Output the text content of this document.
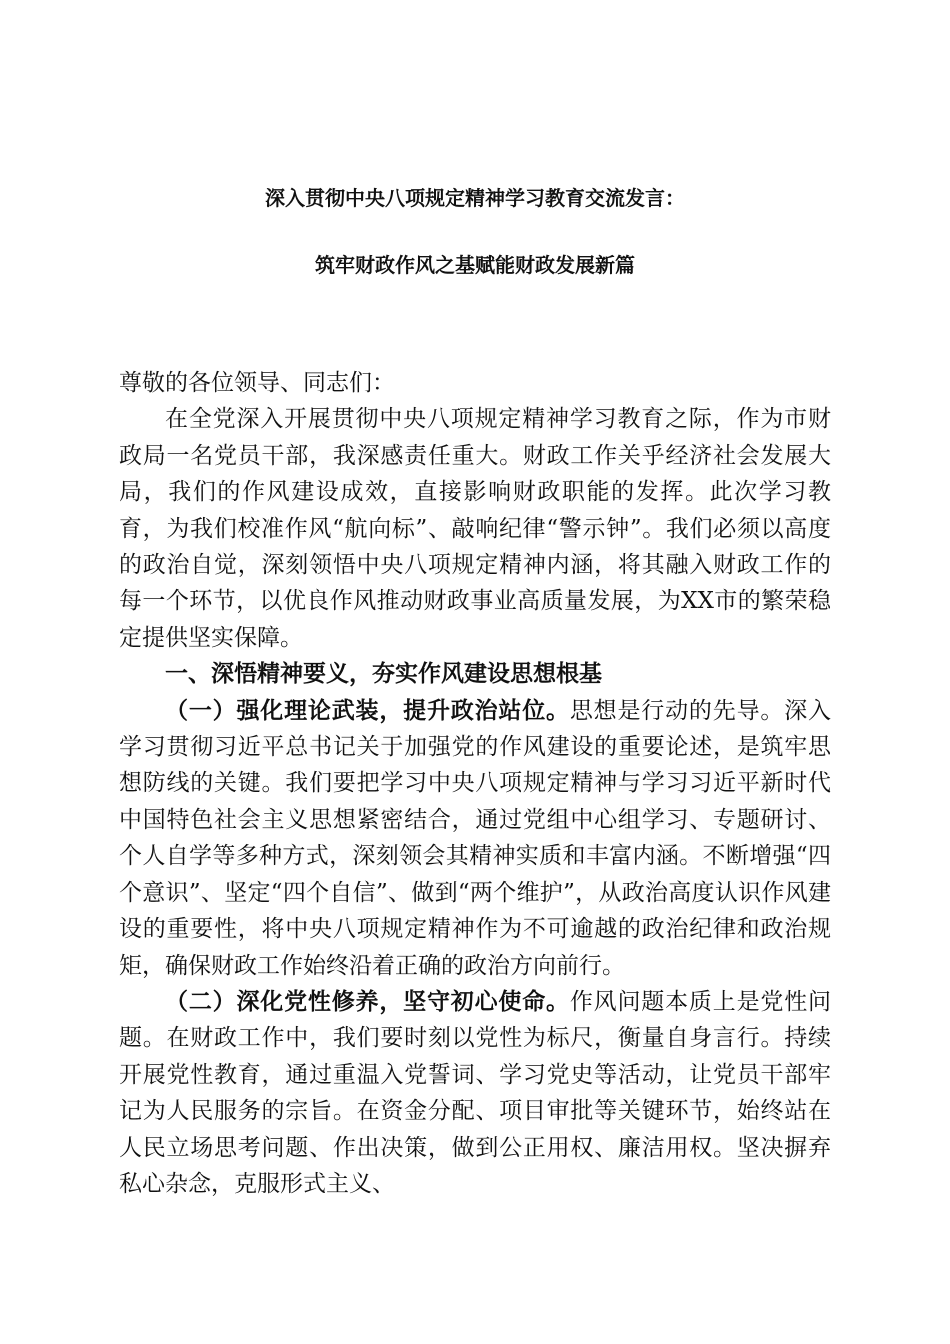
深入贯彻中央八项规定精神学习教育交流发言：
筑牢财政作风之基赋能财政发展新篇

尊敬的各位领导、同志们：

在全党深入开展贯彻中央八项规定精神学习教育之际，作为市财政局一名党员干部，我深感责任重大。财政工作关乎经济社会发展大局，我们的作风建设成效，直接影响财政职能的发挥。此次学习教育，为我们校准作风“航向标”、敲响纪律“警示钟”。我们必须以高度的政治自觉，深刻领悟中央八项规定精神内涵，将其融入财政工作的每一个环节，以优良作风推动财政事业高质量发展，为XX市的繁荣稳定提供坚实保障。

一、深悟精神要义，夯实作风建设思想根基

（一）强化理论武装，提升政治站位。思想是行动的先导。深入学习贯彻习近平总书记关于加强党的作风建设的重要论述，是筑牢思想防线的关键。我们要把学习中央八项规定精神与学习习近平新时代中国特色社会主义思想紧密结合，通过党组中心组学习、专题研讨、个人自学等多种方式，深刻领会其精神实质和丰富内涵。不断增强“四个意识”、坚定“四个自信”、做到“两个维护”，从政治高度认识作风建设的重要性，将中央八项规定精神作为不可逾越的政治纪律和政治规矩，确保财政工作始终沿着正确的政治方向前行。

（二）深化党性修养，坚守初心使命。作风问题本质上是党性问题。在财政工作中，我们要时刻以党性为标尺，衡量自身言行。持续开展党性教育，通过重温入党誓词、学习党史等活动，让党员干部牢记为人民服务的宗旨。在资金分配、项目审批等关键环节，始终站在人民立场思考问题、作出决策，做到公正用权、廉洁用权。坚决摒弃私心杂念，克服形式主义、
